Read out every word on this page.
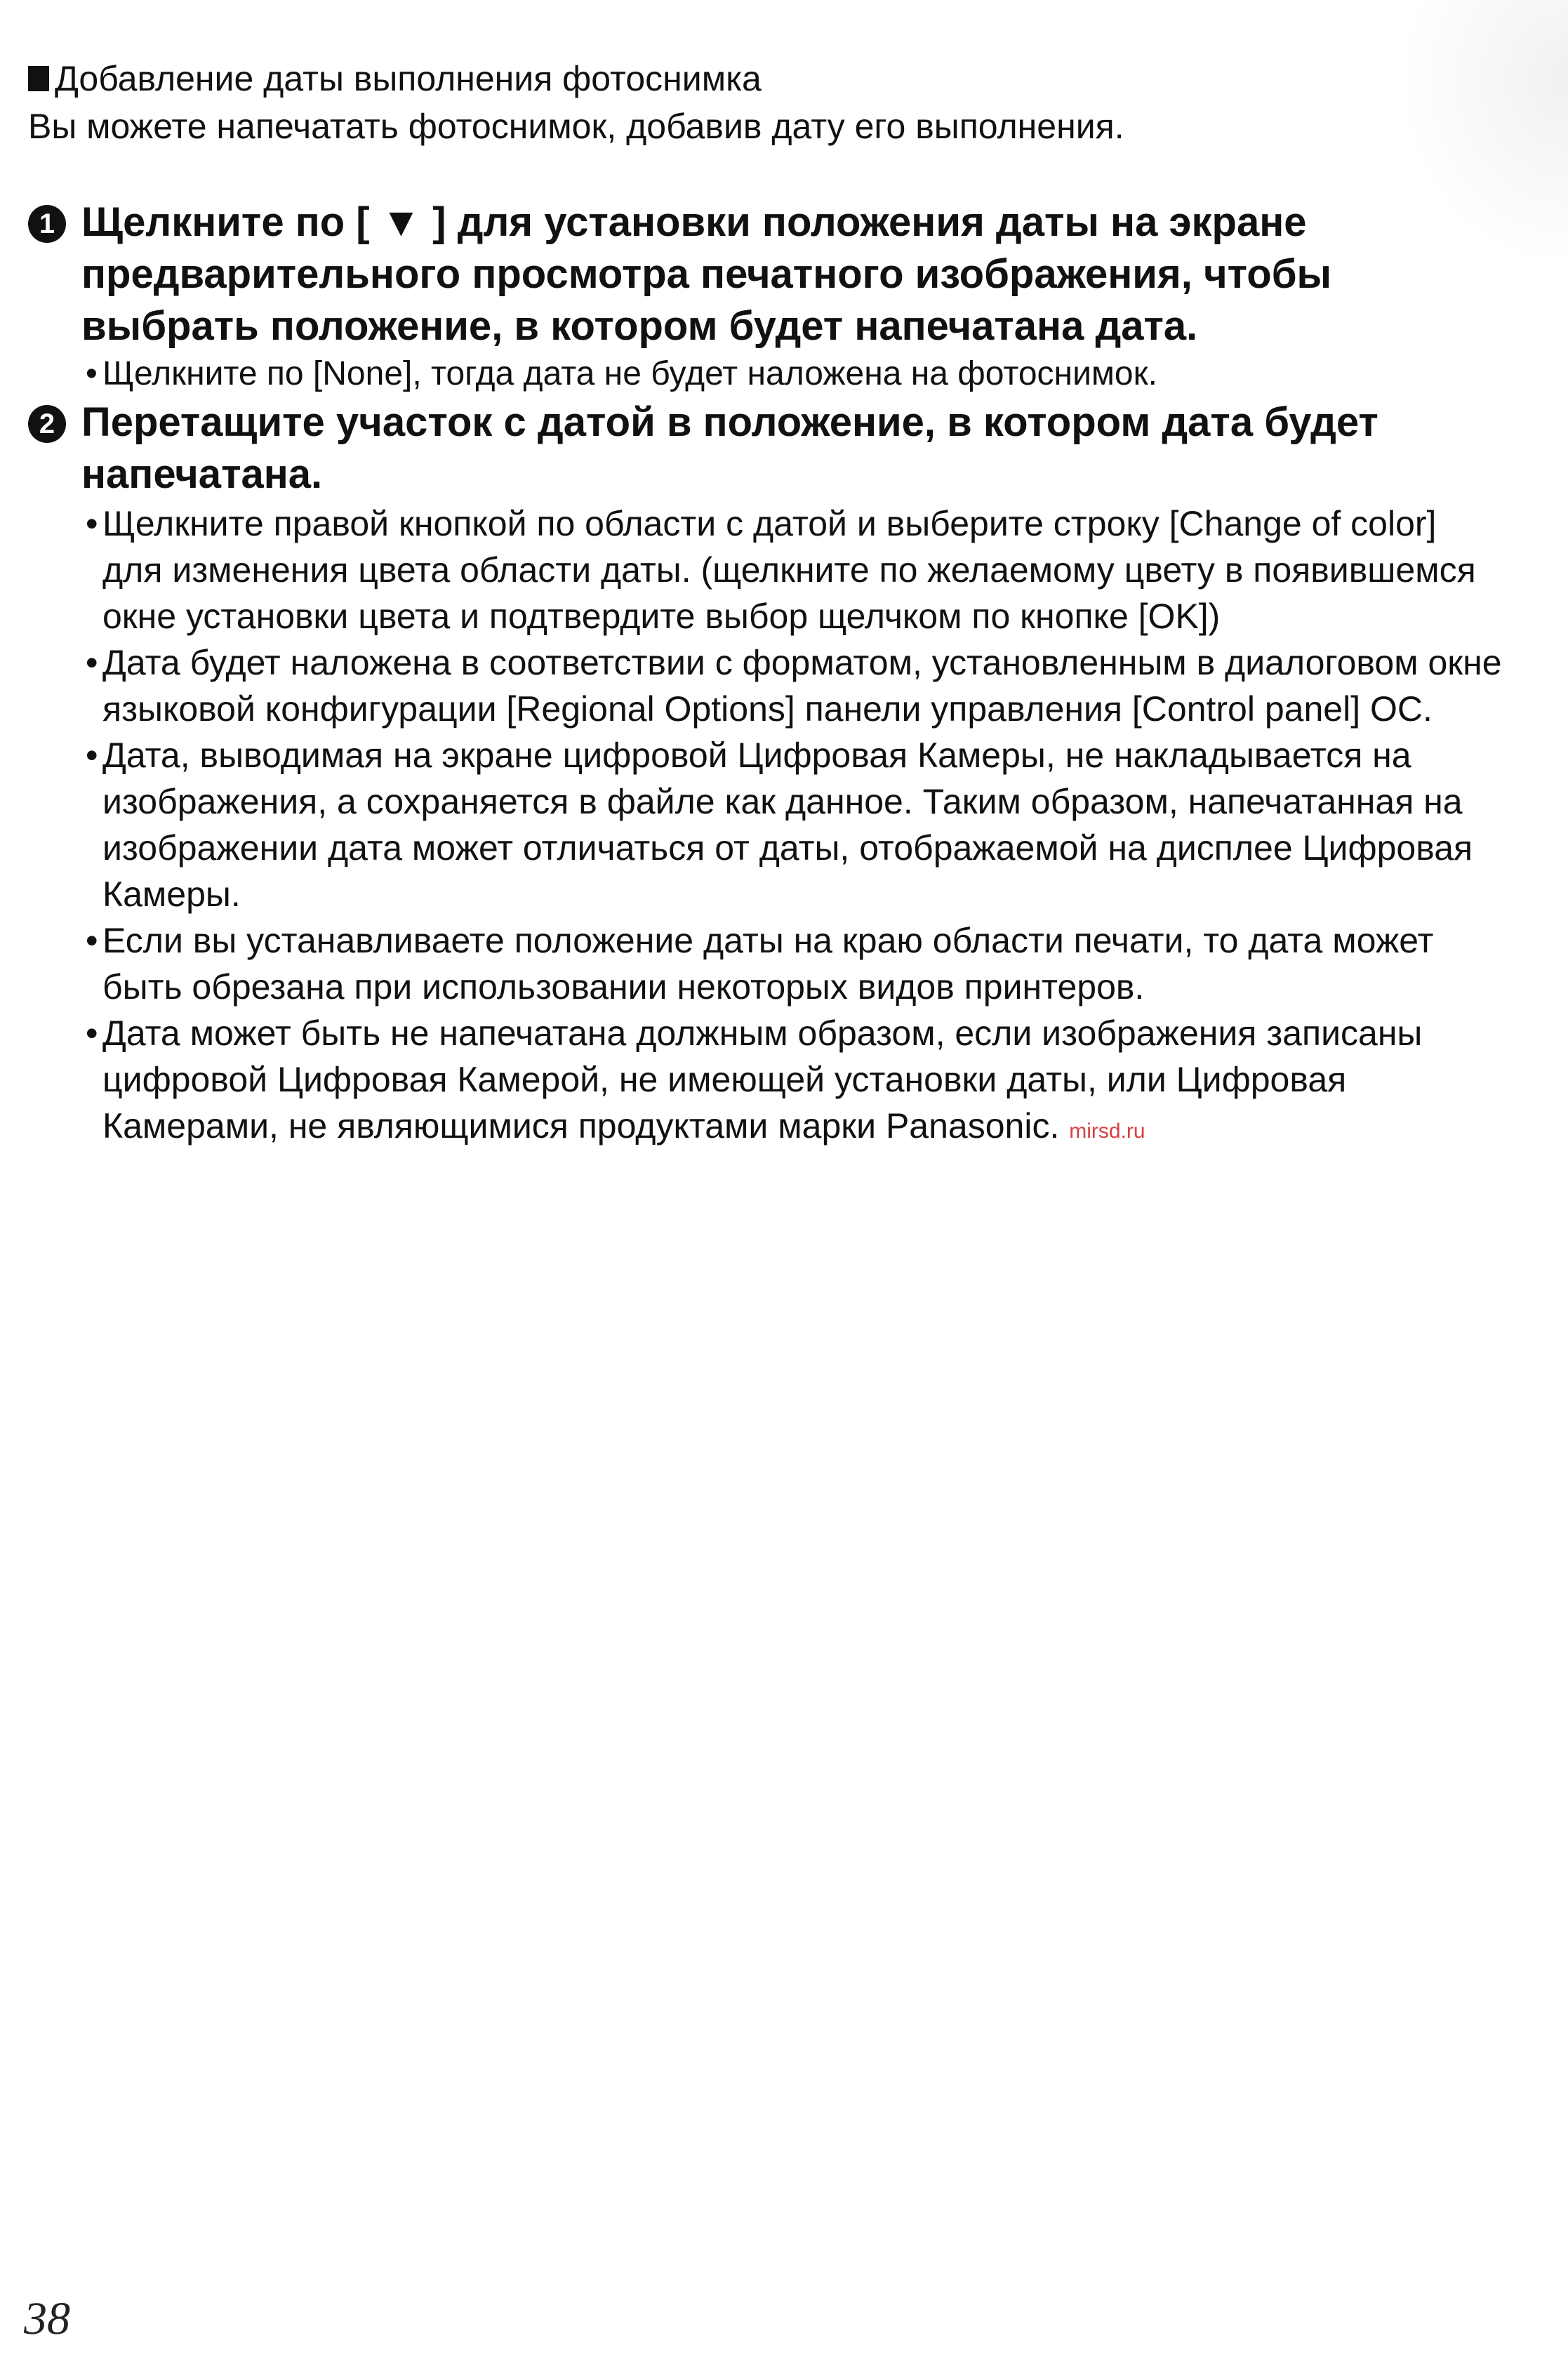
Добавление даты выполнения фотоснимка
Вы можете напечатать фотоснимок, добавив дату его выполнения.
1 Щелкните по [ ▼ ] для установки положения даты на экране предварительного просмотра печатного изображения, чтобы выбрать положение, в котором будет напечатана дата.
• Щелкните по [None], тогда дата не будет наложена на фотоснимок.
2 Перетащите участок с датой в положение, в котором дата будет напечатана.
• Щелкните правой кнопкой по области с датой и выберите строку [Change of color] для изменения цвета области даты. (щелкните по желаемому цвету в появившемся окне установки цвета и подтвердите выбор щелчком по кнопке [OK])
• Дата будет наложена в соответствии с форматом, установленным в диалоговом окне языковой конфигурации [Regional Options] панели управления [Control panel] OC.
• Дата, выводимая на экране цифровой Цифровая Камеры, не накладывается на изображения, а сохраняется в файле как данное. Таким образом, напечатанная на изображении дата может отличаться от даты, отображаемой на дисплее Цифровая Камеры.
• Если вы устанавливаете положение даты на краю области печати, то дата может быть обрезана при использовании некоторых видов принтеров.
• Дата может быть не напечатана должным образом, если изображения записаны цифровой Цифровая Камерой, не имеющей установки даты, или Цифровая Камерами, не являющимися продуктами марки Panasonic. mirsd.ru
38
